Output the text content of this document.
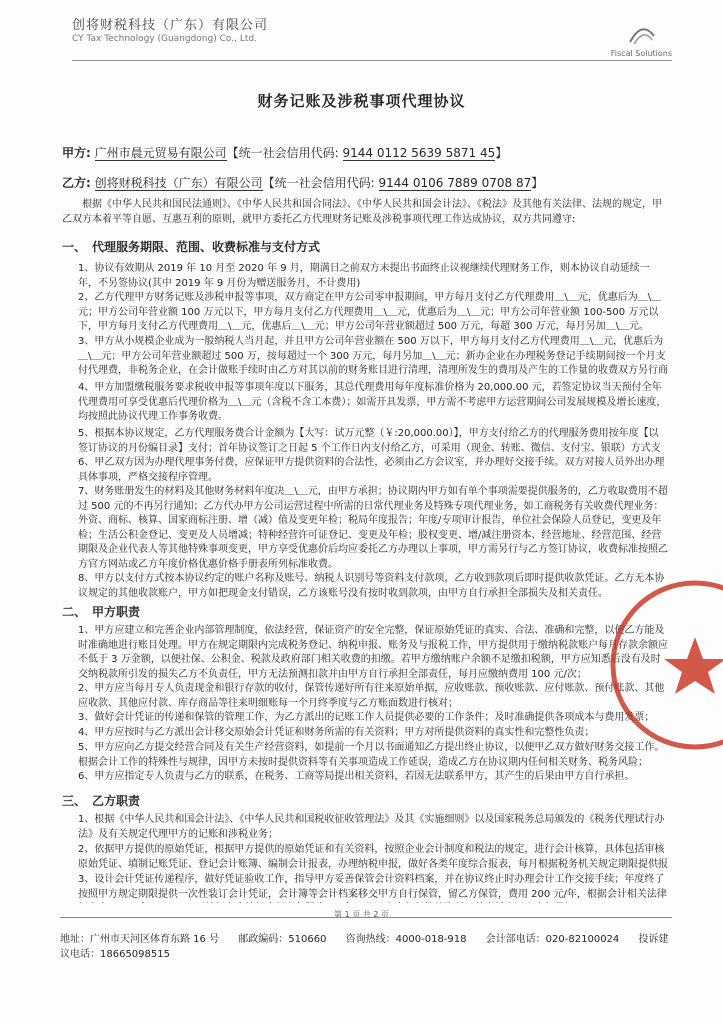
创将财税科技（广东）有限公司
CY Tax Technology (Guangdong) Co., Ltd.
Fiscal Solutions
财务记账及涉税事项代理协议
甲方: 广州市晨元贸易有限公司【统一社会信用代码: 9144 0112 5639 5871 45】
乙方: 创将财税科技（广东）有限公司【统一社会信用代码: 9144 0106 7889 0708 87】
根据《中华人民共和国民法通则》、《中华人民共和国合同法》、《中华人民共和国会计法》、《税法》及其他有关法律、法规的规定，甲乙双方本着平等自愿、互惠互利的原则，就甲方委托乙方代理财务记账及涉税事项代理工作达成协议，双方共同遵守:
一、　代理服务期限、范围、收费标准与支付方式
1、协议有效期从 2019 年 10 月至 2020 年 9 月，期满日之前双方未提出书面终止议视继续代理财务工作，则本协议自动延续一年，不另签协议(其中 2019 年 9 月份为赠送服务月，不计费用)
2、乙方代理甲方财务记账及涉税申报等事项，双方商定在甲方公司零申报期间，甲方每月支付乙方代理费用＿\＿元，优惠后为＿\＿元；甲方公司年营业额 100 万元以下，甲方每月支付乙方代理费用＿\＿元，优惠后为＿\＿元；甲方公司年营业额 100-500 万元以下，甲方每月支付乙方代理费用＿\＿元，优惠后＿\＿元；甲方公司年营业额超过 500 万元，每超 300 万元，每月另加＿\＿元。
3、甲方从小规模企业成为一般纳税人当月起，并且甲方公司年营业额在 500 万以下，甲方每月支付乙方代理费用＿\＿元，优惠后为＿\＿元；甲方公司年营业额超过 500 万，按每超过一个 300 万元，每月另加＿\＿元；新办企业在办理税务登记手续期间按一个月支付代理费，非税务企业，在会计做账手续时由乙方对其以前的财务账目进行清理，清理所发生的费用及产生的工作量的收费双方另行商
4、甲方加盟缴税服务要求税收申报等事项年度以下服务，其总代理费用每年度标准价格为 20,000.00 元，若签定协议当天预付全年代理费用可享受优惠后代理价格为＿\＿元（含税不含工本费）；如需开具发票，甲方需不考虑甲方运营期间公司发展规模及增长速度，均按照此协议代理工作事务收费。
5、根据本协议规定，乙方代理服务费合计金额为【大写：试万元整（￥:20,000.00）】，甲方支付给乙方的代理服务费用按年度【以签订协议的月份编目录】支付；首年协议签订之日起 5 个工作日内支付给乙方，可采用（现金、转账、微信、支付宝、银联）方式支
6、甲乙双方因为办理代理事务付费，应保证甲方提供资料的合法性，必须由乙方会议室，并办理好交接手续。双方对接人员外出办理具体事项，严格交接程序管理。
7、财务账册发生的材料及其他财务材料年度决＿\＿元，由甲方承担；协议期内甲方如有单个事项需要提供服务的，乙方收取费用不超过 500 元的不再另行通知；乙方代办甲方公司运营过程中所需的日常代理业务及特殊专项代理业务，如工商税务有关收费代理业务：外资、商标、核算、国家商标注册、增（减）值及变更年检；税局年度报告；年度/专项审计报告，单位社会保险人员登记，变更及年检；生活公积金登记、变更及人员增减；特种经营许可证登记、变更及年检；股权变更、增/减注册资本、经营地址、经营范围、经营期限及企业代表人等其他特殊事项变更，甲方享受优惠价后均应委托乙方办理以上事项，甲方需另行与乙方签订协议，收费标准按照乙方官方网站或乙方年度价格优惠价格手册表所列标准收费。
8、甲方以支付方式按本协议约定的账户名称及账号、纳税人识别号等资料支付款项，乙方收到款项后即时提供收款凭证。乙方无本协议规定的其他收款账户，甲方如把现金支付错误，乙方该账号没有按时收到款项，由甲方自行承担全部损失及相关责任。
二、　甲方职责
1、甲方应建立和完善企业内部管理制度，依法经营，保证资产的安全完整，保证原始凭证的真实、合法、准确和完整，以便乙方能及时准确地进行账目处理。甲方在规定期限内完成税务登记、纳税申报、账务及与报税工作，甲方提供用于缴纳税款账户每月存款余额应不低于 3 万金额，以便社保、公积金、税款及政府部门相关收费的扣缴。若甲方缴纳账户余额不足缴扣税额，甲方应知悉后没有及时交纳税款所引发的损失乙方不负责任，甲方无法预测扣款并由甲方自行承担全部责任，每月应缴纳费用 100 元/次；
2、甲方应当每月专人负责现金和银行存款的收付，保管传递好所有往来原始单据，应收账款、预收账款、应付账款、预付账款、其他应收款、其他应付款、库存商品等往来明细账每一个月终季度与乙方账面数进行核对；
3、做好会计凭证的传递和保管的管理工作，为乙方派出的记账工作人员提供必要的工作条件；及时准确提供各项成本与费用发票；
4、甲方应按时与乙方派出会计移交原始会计凭证和财务所需的有关资料；甲方对所提供资料的真实性和完整性负责；
5、甲方应向乙方提交经营合同及有关生产经营资料，如提前一个月以书面通知乙方提出终止协议，以便甲乙双方做好财务交接工作。根据会计工作的特殊性与规律，因甲方未按时提供资料等有关事项造成工作延误，造成乙方在协议期内任何相关财务、税务风险；
6、甲方应指定专人负责与乙方的联系，在税务、工商等局提出相关资料，若因无法联系甲方，其产生的后果由甲方自行承担。
三、　乙方职责
1、根据《中华人民共和国会计法》、《中华人民共和国税收征收管理法》及其《实施细则》以及国家税务总局颁发的《税务代理试行办法》及有关规定代理甲方的记账和涉税业务；
2、依据甲方提供的原始凭证，根据甲方提供的原始凭证和有关资料，按照企业会计制度和税法的规定，进行会计核算，具体包括审核原始凭证、填制记账凭证、登记会计账簿、编制会计报表，办理纳税申报，做好各类年度综合报表，每月根据税务机关规定期限提供报
3、设计会计凭证传递程序，做好凭证验收工作，指导甲方妥善保管会计资料档案，并在协议终止时办理会计工作交接手续；年度终了按照甲方规定期限提供一次性装订会计凭证，会计簿等会计档案移交甲方自行保管，留乙方保管，费用 200 元/年，根据会计相关法律
第 1 页 共 2 页
地址：广州市天河区体育东路 16 号 邮政编码：510660 咨询热线：4000-018-918 会计部电话：020-82100024 投诉建议电话：18665098515
